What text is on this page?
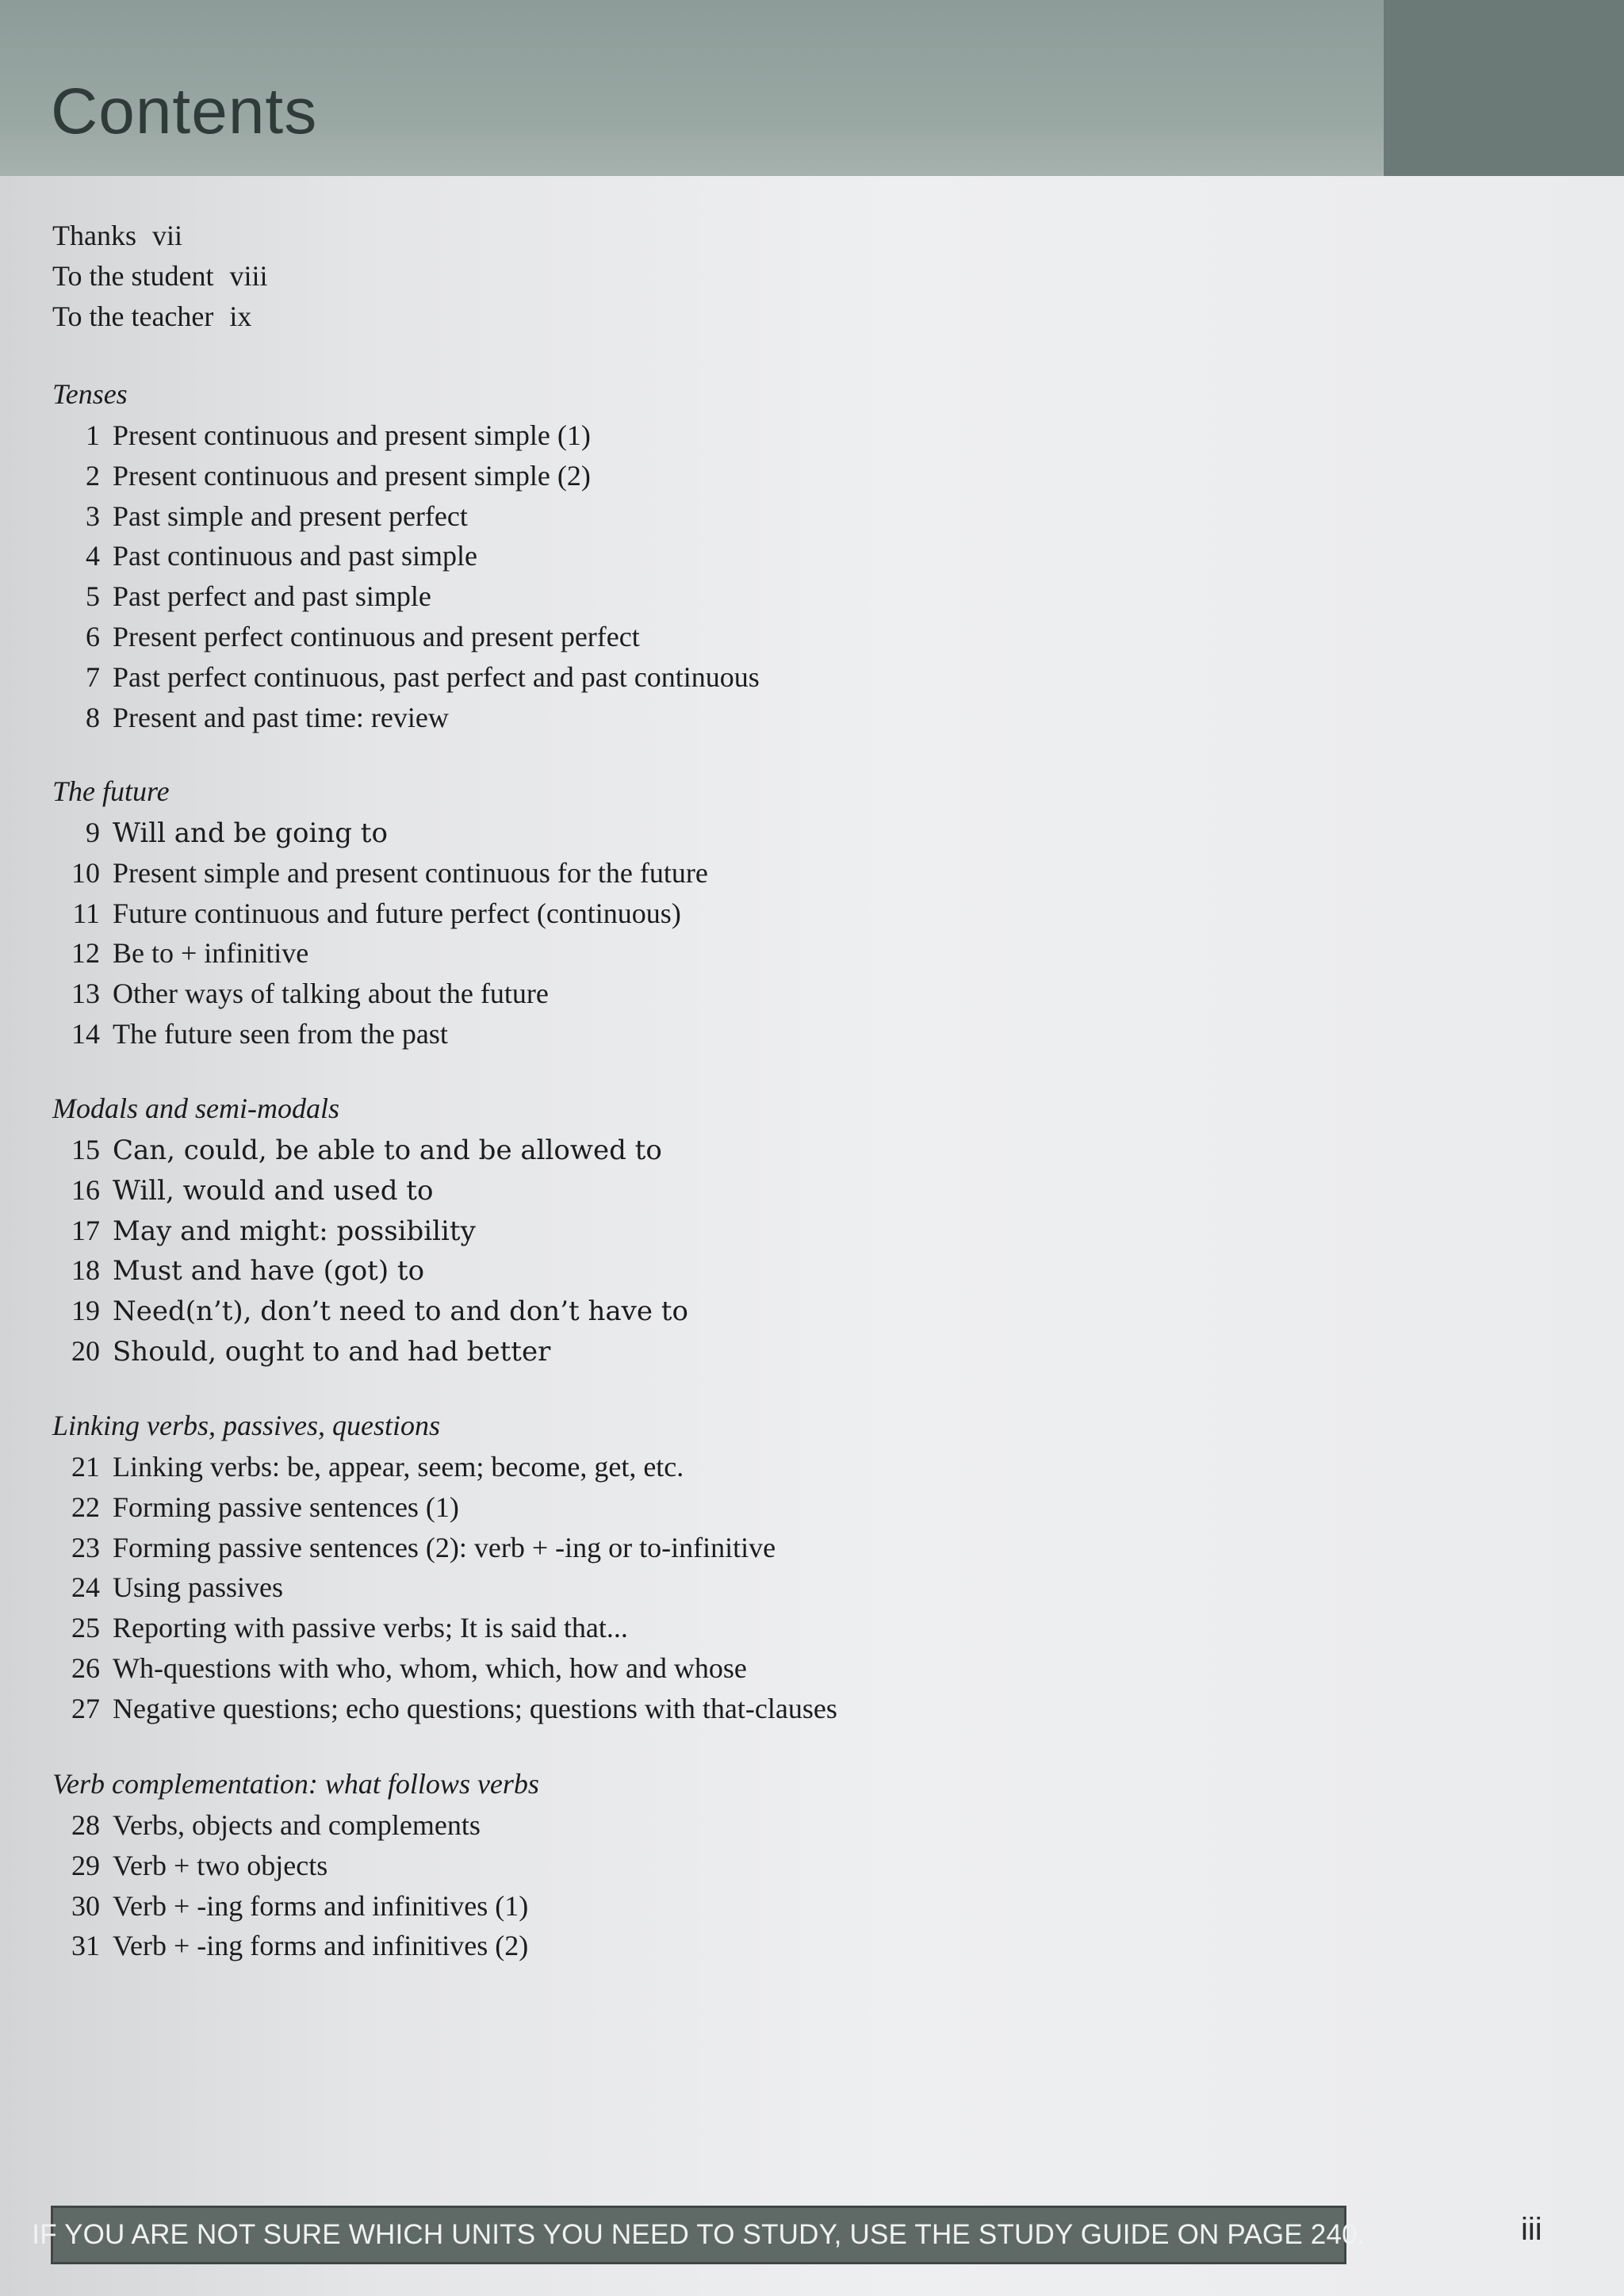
Contents
Thanks vii
To the student viii
To the teacher ix
Tenses
1 Present continuous and present simple (1)
2 Present continuous and present simple (2)
3 Past simple and present perfect
4 Past continuous and past simple
5 Past perfect and past simple
6 Present perfect continuous and present perfect
7 Past perfect continuous, past perfect and past continuous
8 Present and past time: review
The future
9 Will and be going to
10 Present simple and present continuous for the future
11 Future continuous and future perfect (continuous)
12 Be to + infinitive
13 Other ways of talking about the future
14 The future seen from the past
Modals and semi-modals
15 Can, could, be able to and be allowed to
16 Will, would and used to
17 May and might: possibility
18 Must and have (got) to
19 Need(n’t), don’t need to and don’t have to
20 Should, ought to and had better
Linking verbs, passives, questions
21 Linking verbs: be, appear, seem; become, get, etc.
22 Forming passive sentences (1)
23 Forming passive sentences (2): verb + -ing or to-infinitive
24 Using passives
25 Reporting with passive verbs; It is said that...
26 Wh-questions with who, whom, which, how and whose
27 Negative questions; echo questions; questions with that-clauses
Verb complementation: what follows verbs
28 Verbs, objects and complements
29 Verb + two objects
30 Verb + -ing forms and infinitives (1)
31 Verb + -ing forms and infinitives (2)
IF YOU ARE NOT SURE WHICH UNITS YOU NEED TO STUDY, USE THE STUDY GUIDE ON PAGE 240.	iii
